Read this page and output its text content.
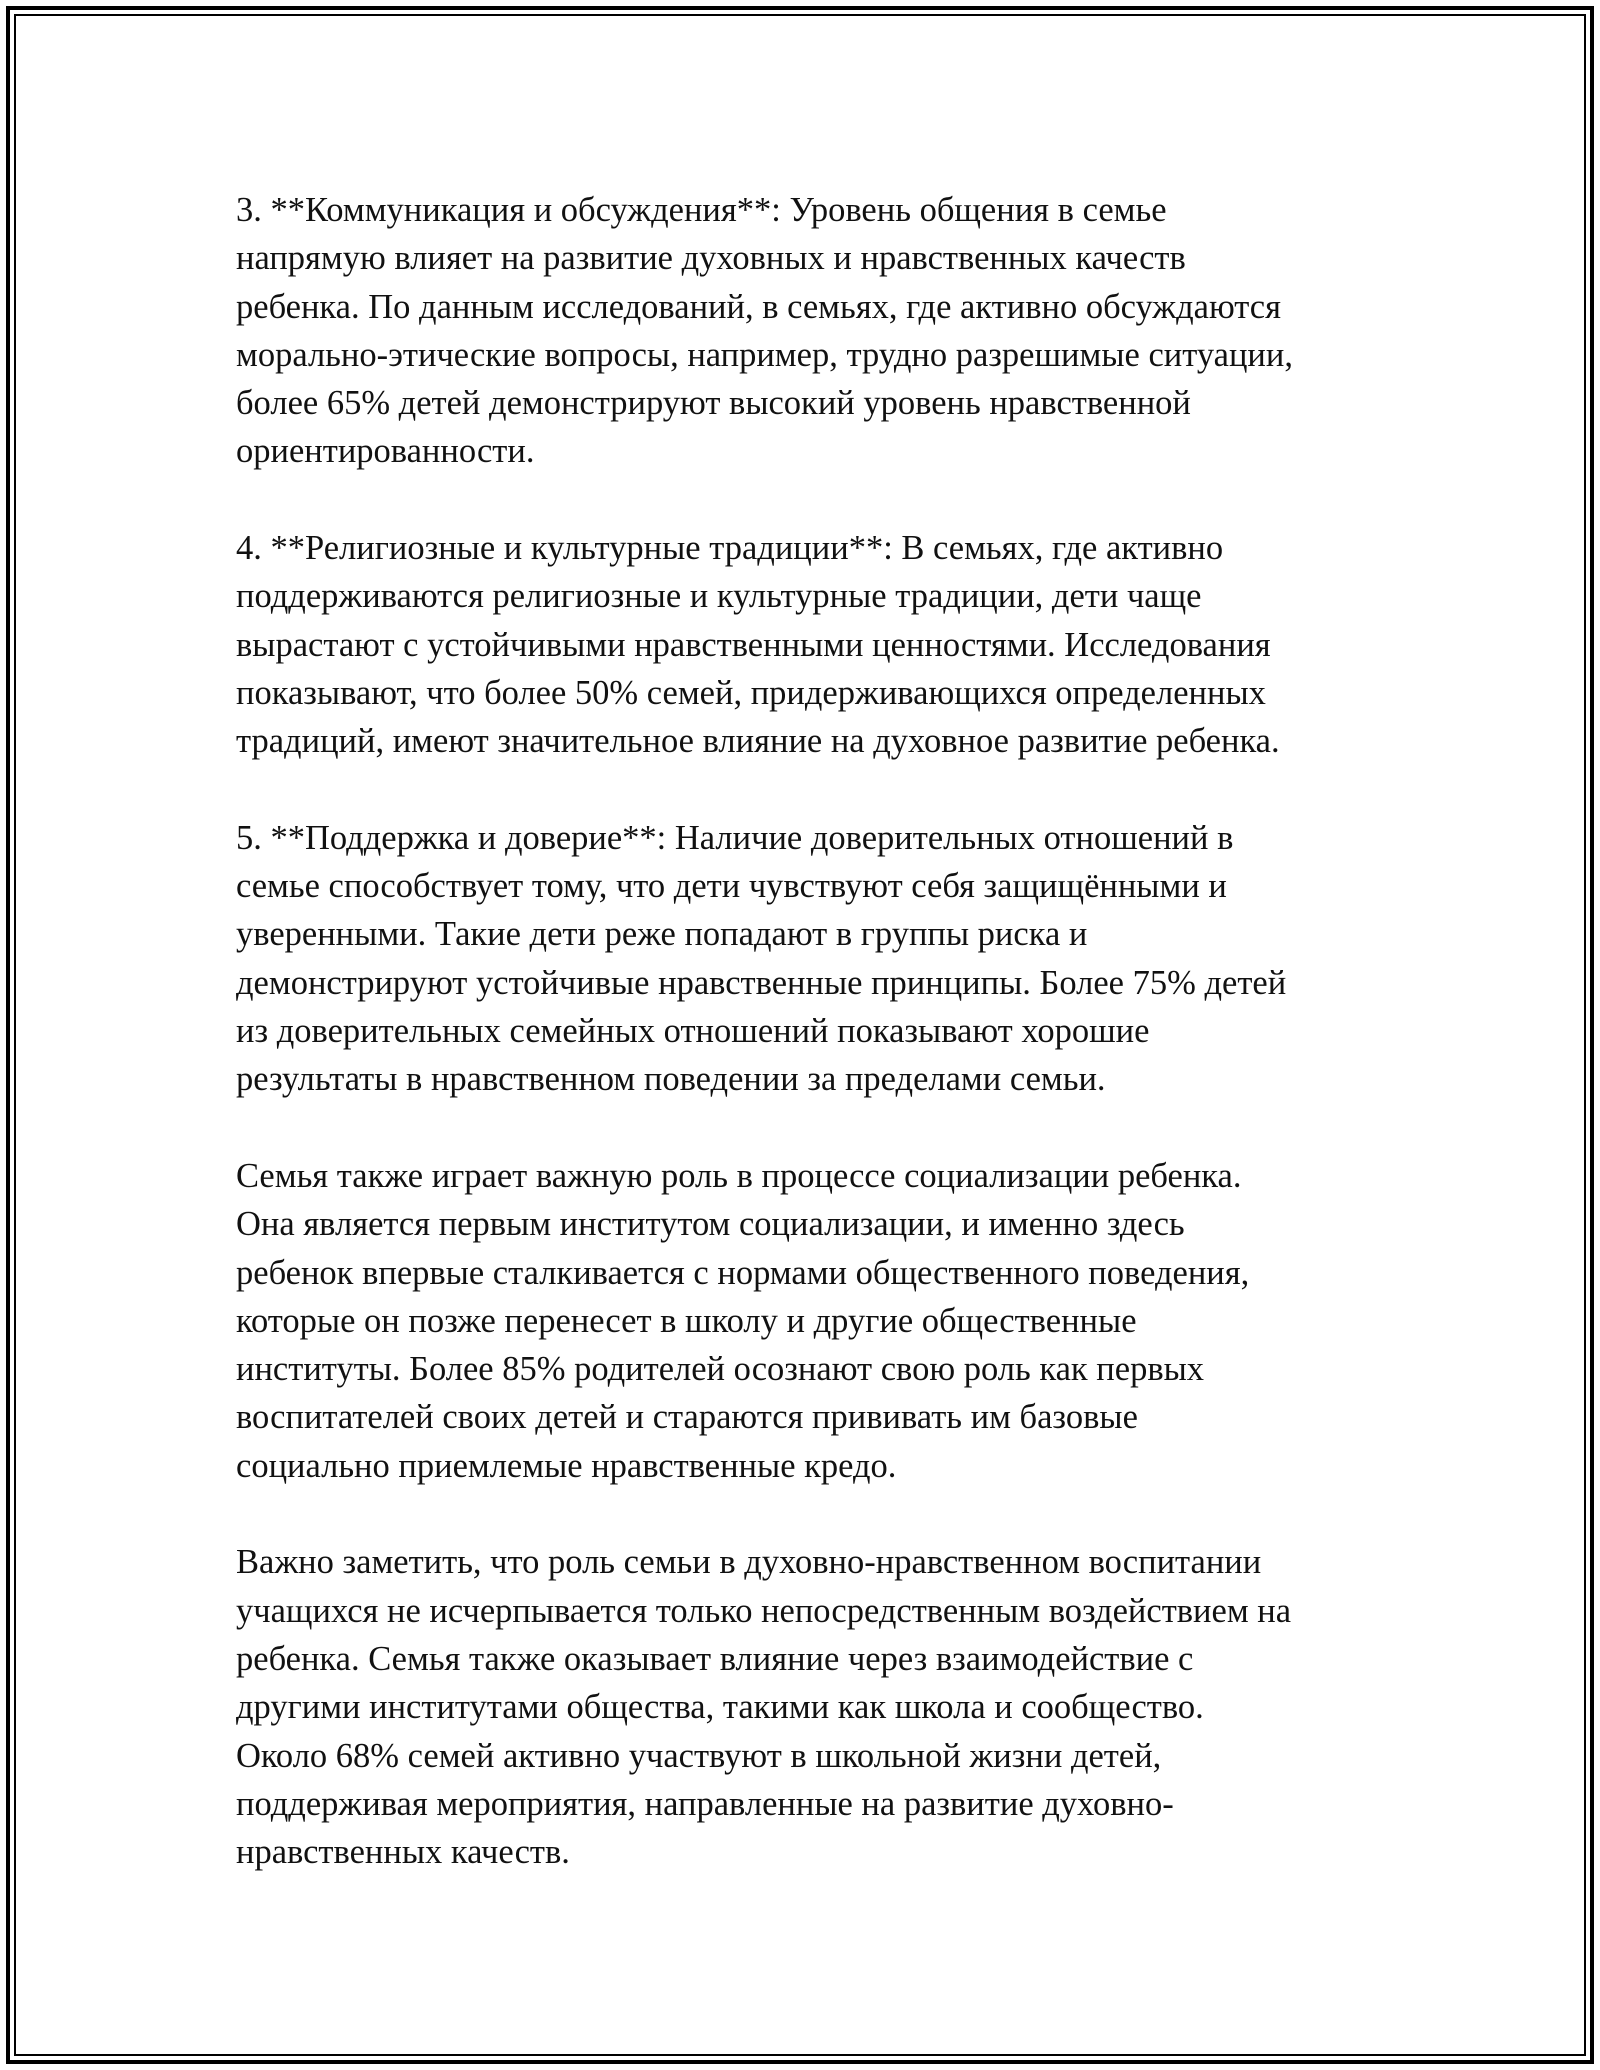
3. **Коммуникация и обсуждения**: Уровень общения в семье
напрямую влияет на развитие духовных и нравственных качеств
ребенка. По данным исследований, в семьях, где активно обсуждаются
морально-этические вопросы, например, трудно разрешимые ситуации,
более 65% детей демонстрируют высокий уровень нравственной
ориентированности.

4. **Религиозные и культурные традиции**: В семьях, где активно
поддерживаются религиозные и культурные традиции, дети чаще
вырастают с устойчивыми нравственными ценностями. Исследования
показывают, что более 50% семей, придерживающихся определенных
традиций, имеют значительное влияние на духовное развитие ребенка.

5. **Поддержка и доверие**: Наличие доверительных отношений в
семье способствует тому, что дети чувствуют себя защищёнными и
уверенными. Такие дети реже попадают в группы риска и
демонстрируют устойчивые нравственные принципы. Более 75% детей
из доверительных семейных отношений показывают хорошие
результаты в нравственном поведении за пределами семьи.

Семья также играет важную роль в процессе социализации ребенка.
Она является первым институтом социализации, и именно здесь
ребенок впервые сталкивается с нормами общественного поведения,
которые он позже перенесет в школу и другие общественные
институты. Более 85% родителей осознают свою роль как первых
воспитателей своих детей и стараются прививать им базовые
социально приемлемые нравственные кредо.

Важно заметить, что роль семьи в духовно-нравственном воспитании
учащихся не исчерпывается только непосредственным воздействием на
ребенка. Семья также оказывает влияние через взаимодействие с
другими институтами общества, такими как школа и сообщество.
Около 68% семей активно участвуют в школьной жизни детей,
поддерживая мероприятия, направленные на развитие духовно-
нравственных качеств.
